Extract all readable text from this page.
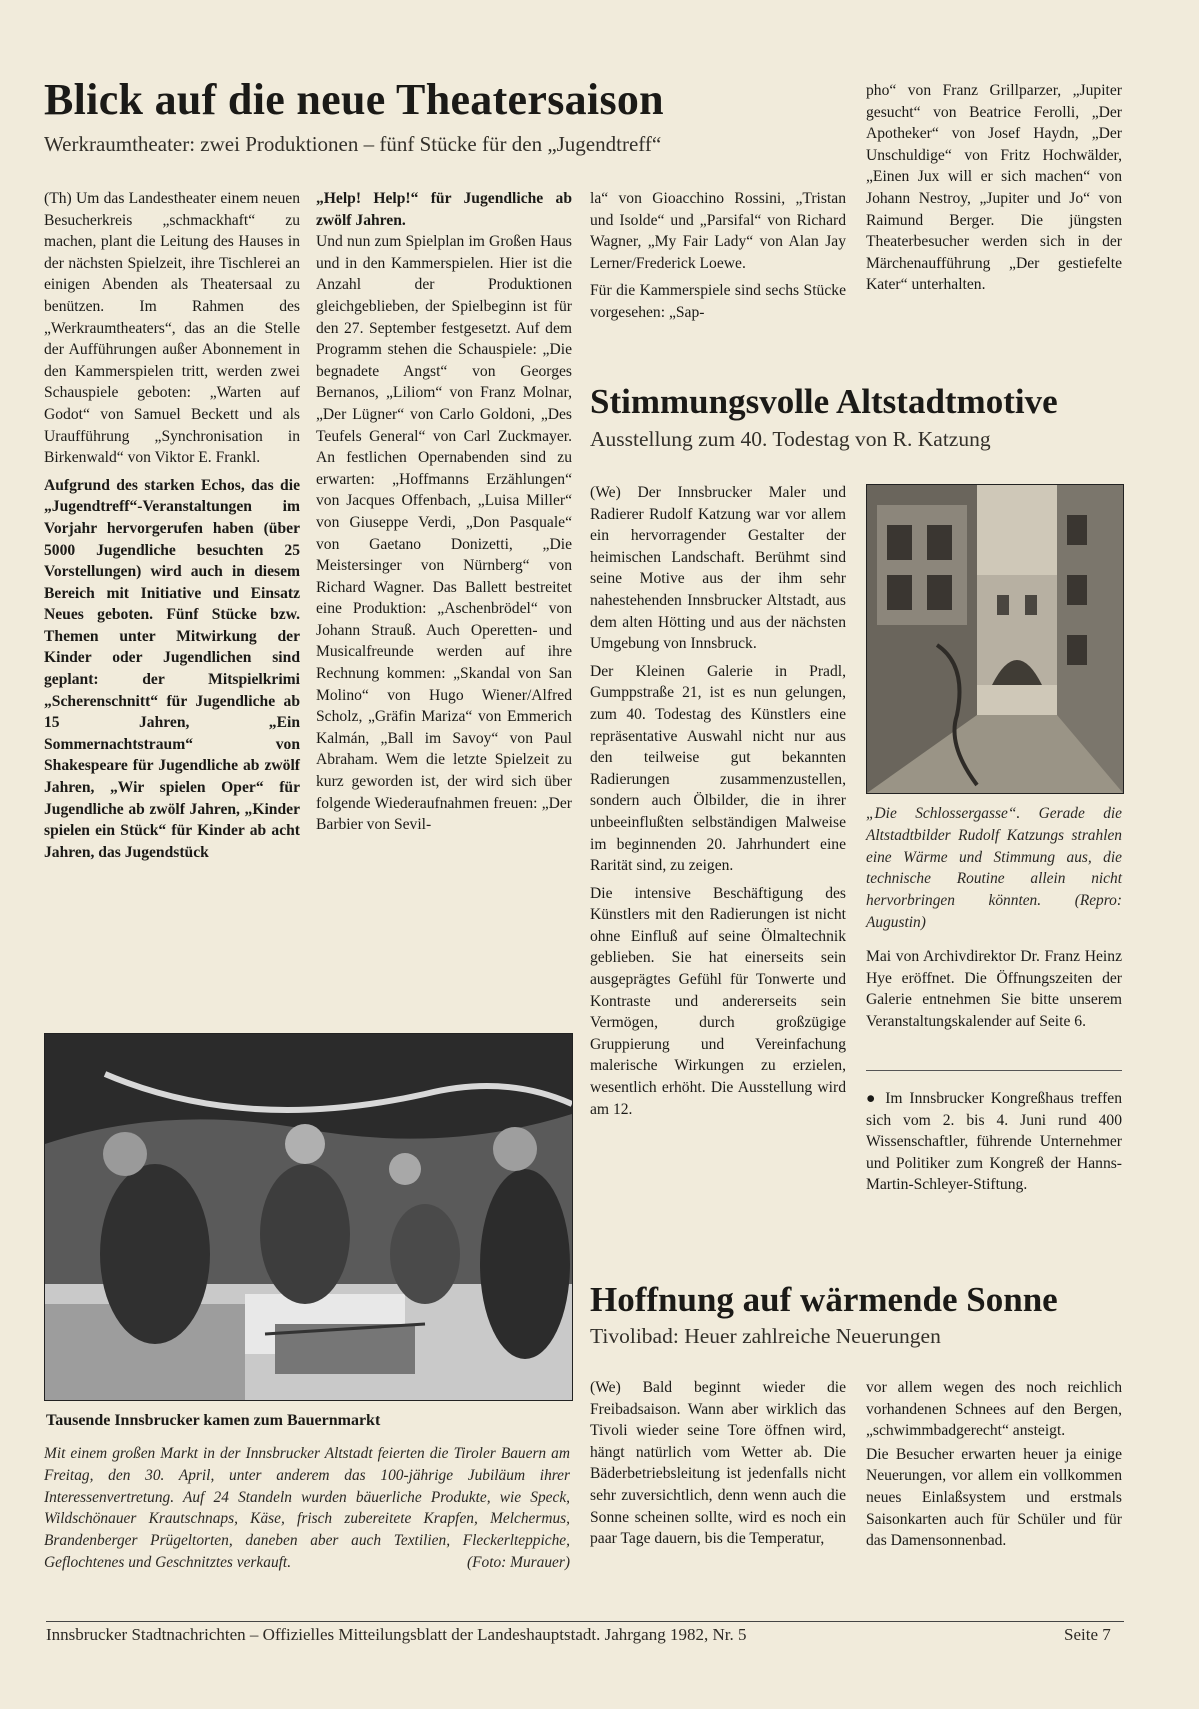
Blick auf die neue Theatersaison
Werkraumtheater: zwei Produktionen – fünf Stücke für den „Jugendtreff“

(Th) Um das Landestheater einem neuen Besucherkreis „schmackhaft“ zu machen, plant die Leitung des Hauses in der nächsten Spielzeit, ihre Tischlerei an einigen Abenden als Theatersaal zu benützen. Im Rahmen des „Werkraumtheaters“, das an die Stelle der Aufführungen außer Abonnement in den Kammerspielen tritt, werden zwei Schauspiele geboten: „Warten auf Godot“ von Samuel Beckett und als Uraufführung „Synchronisation in Birkenwald“ von Viktor E. Frankl.

Aufgrund des starken Echos, das die „Jugendtreff“-Veranstaltungen im Vorjahr hervorgerufen haben (über 5000 Jugendliche besuchten 25 Vorstellungen) wird auch in diesem Bereich mit Initiative und Einsatz Neues geboten. Fünf Stücke bzw. Themen unter Mitwirkung der Kinder oder Jugendlichen sind geplant: der Mitspielkrimi „Scherenschnitt“ für Jugendliche ab 15 Jahren, „Ein Sommernachtstraum“ von Shakespeare für Jugendliche ab zwölf Jahren, „Wir spielen Oper“ für Jugendliche ab zwölf Jahren, „Kinder spielen ein Stück“ für Kinder ab acht Jahren, das Jugendstück

„Help! Help!“ für Jugendliche ab zwölf Jahren.

Und nun zum Spielplan im Großen Haus und in den Kammerspielen. Hier ist die Anzahl der Produktionen gleichgeblieben, der Spielbeginn ist für den 27. September festgesetzt. Auf dem Programm stehen die Schauspiele: „Die begnadete Angst“ von Georges Bernanos, „Liliom“ von Franz Molnar, „Der Lügner“ von Carlo Goldoni, „Des Teufels General“ von Carl Zuckmayer. An festlichen Opernabenden sind zu erwarten: „Hoffmanns Erzählungen“ von Jacques Offenbach, „Luisa Miller“ von Giuseppe Verdi, „Don Pasquale“ von Gaetano Donizetti, „Die Meistersinger von Nürnberg“ von Richard Wagner. Das Ballett bestreitet eine Produktion: „Aschenbrödel“ von Johann Strauß. Auch Operetten- und Musicalfreunde werden auf ihre Rechnung kommen: „Skandal von San Molino“ von Hugo Wiener/Alfred Scholz, „Gräfin Mariza“ von Emmerich Kalmán, „Ball im Savoy“ von Paul Abraham. Wem die letzte Spielzeit zu kurz geworden ist, der wird sich über folgende Wiederaufnahmen freuen: „Der Barbier von Sevil-

la“ von Gioacchino Rossini, „Tristan und Isolde“ und „Parsifal“ von Richard Wagner, „My Fair Lady“ von Alan Jay Lerner/Frederick Loewe.

Für die Kammerspiele sind sechs Stücke vorgesehen: „Sap-

pho“ von Franz Grillparzer, „Jupiter gesucht“ von Beatrice Ferolli, „Der Apotheker“ von Josef Haydn, „Der Unschuldige“ von Fritz Hochwälder, „Einen Jux will er sich machen“ von Johann Nestroy, „Jupiter und Jo“ von Raimund Berger. Die jüngsten Theaterbesucher werden sich in der Märchenaufführung „Der gestiefelte Kater“ unterhalten.

Tausende Innsbrucker kamen zum Bauernmarkt
Mit einem großen Markt in der Innsbrucker Altstadt feierten die Tiroler Bauern am Freitag, den 30. April, unter anderem das 100-jährige Jubiläum ihrer Interessenvertretung. Auf 24 Standeln wurden bäuerliche Produkte, wie Speck, Wildschönauer Krautschnaps, Käse, frisch zubereitete Krapfen, Melchermus, Brandenberger Prügeltorten, daneben aber auch Textilien, Fleckerlteppiche, Geflochtenes und Geschnitztes verkauft.	(Foto: Murauer)
Stimmungsvolle Altstadtmotive
Ausstellung zum 40. Todestag von R. Katzung

(We) Der Innsbrucker Maler und Radierer Rudolf Katzung war vor allem ein hervorragender Gestalter der heimischen Landschaft. Berühmt sind seine Motive aus der ihm sehr nahestehenden Innsbrucker Altstadt, aus dem alten Hötting und aus der nächsten Umgebung von Innsbruck.

Der Kleinen Galerie in Pradl, Gumppstraße 21, ist es nun gelungen, zum 40. Todestag des Künstlers eine repräsentative Auswahl nicht nur aus den teilweise gut bekannten Radierungen zusammenzustellen, sondern auch Ölbilder, die in ihrer unbeeinflußten selbständigen Malweise im beginnenden 20. Jahrhundert eine Rarität sind, zu zeigen.

Die intensive Beschäftigung des Künstlers mit den Radierungen ist nicht ohne Einfluß auf seine Ölmaltechnik geblieben. Sie hat einerseits sein ausgeprägtes Gefühl für Tonwerte und Kontraste und andererseits sein Vermögen, durch großzügige Gruppierung und Vereinfachung malerische Wirkungen zu erzielen, wesentlich erhöht. Die Ausstellung wird am 12.

„Die Schlossergasse“. Gerade die Altstadtbilder Rudolf Katzungs strahlen eine Wärme und Stimmung aus, die technische Routine allein nicht hervorbringen könnten. (Repro: Augustin)

Mai von Archivdirektor Dr. Franz Heinz Hye eröffnet. Die Öffnungszeiten der Galerie entnehmen Sie bitte unserem Veranstaltungskalender auf Seite 6.

● Im Innsbrucker Kongreßhaus treffen sich vom 2. bis 4. Juni rund 400 Wissenschaftler, führende Unternehmer und Politiker zum Kongreß der Hanns-Martin-Schleyer-Stiftung.

Hoffnung auf wärmende Sonne
Tivolibad: Heuer zahlreiche Neuerungen

(We) Bald beginnt wieder die Freibadsaison. Wann aber wirklich das Tivoli wieder seine Tore öffnen wird, hängt natürlich vom Wetter ab. Die Bäderbetriebsleitung ist jedenfalls nicht sehr zuversichtlich, denn wenn auch die Sonne scheinen sollte, wird es noch ein paar Tage dauern, bis die Temperatur,

vor allem wegen des noch reichlich vorhandenen Schnees auf den Bergen, „schwimmbadgerecht“ ansteigt.

Die Besucher erwarten heuer ja einige Neuerungen, vor allem ein vollkommen neues Einlaßsystem und erstmals Saisonkarten auch für Schüler und für das Damensonnenbad.

Innsbrucker Stadtnachrichten – Offizielles Mitteilungsblatt der Landeshauptstadt. Jahrgang 1982, Nr. 5	Seite 7
